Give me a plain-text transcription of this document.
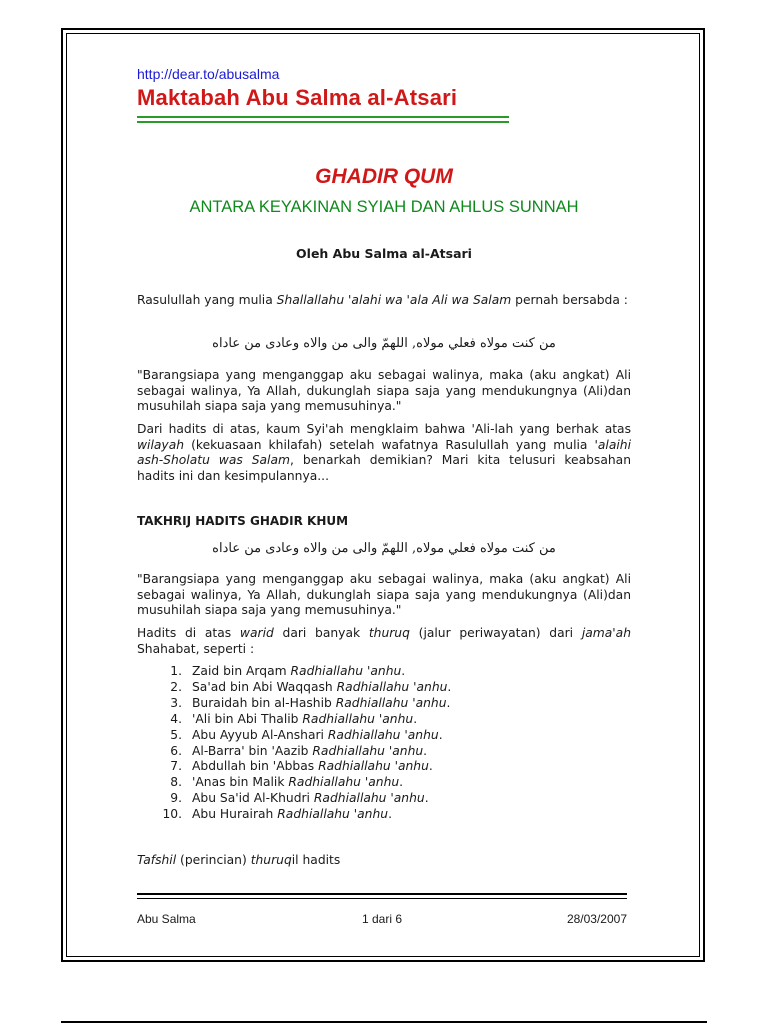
http://dear.to/abusalma
Maktabah Abu Salma al-Atsari
GHADIR QUM
ANTARA KEYAKINAN SYIAH DAN AHLUS SUNNAH
Oleh Abu Salma al-Atsari
Rasulullah yang mulia Shallallahu 'alahi wa 'ala Ali wa Salam pernah bersabda :
من كنت مولاه فعلي مولاه, اللهمّ والى من والاه وعادى من عاداه
"Barangsiapa yang menganggap aku sebagai walinya, maka (aku angkat) Ali sebagai walinya, Ya Allah, dukunglah siapa saja yang mendukungnya (Ali)dan musuhilah siapa saja yang memusuhinya."
Dari hadits di atas, kaum Syi'ah mengklaim bahwa 'Ali-lah yang berhak atas wilayah (kekuasaan khilafah) setelah wafatnya Rasulullah yang mulia 'alaihi ash-Sholatu was Salam, benarkah demikian? Mari kita telusuri keabsahan hadits ini dan kesimpulannya...
TAKHRIJ HADITS GHADIR KHUM
من كنت مولاه فعلي مولاه, اللهمّ والى من والاه وعادى من عاداه
"Barangsiapa yang menganggap aku sebagai walinya, maka (aku angkat) Ali sebagai walinya, Ya Allah, dukunglah siapa saja yang mendukungnya (Ali)dan musuhilah siapa saja yang memusuhinya."
Hadits di atas warid dari banyak thuruq (jalur periwayatan) dari jama'ah Shahabat, seperti :
1. Zaid bin Arqam Radhiallahu 'anhu.
2. Sa'ad bin Abi Waqqash Radhiallahu 'anhu.
3. Buraidah bin al-Hashib Radhiallahu 'anhu.
4. 'Ali bin Abi Thalib Radhiallahu 'anhu.
5. Abu Ayyub Al-Anshari Radhiallahu 'anhu.
6. Al-Barra' bin 'Aazib Radhiallahu 'anhu.
7. Abdullah bin 'Abbas Radhiallahu 'anhu.
8. 'Anas bin Malik Radhiallahu 'anhu.
9. Abu Sa'id Al-Khudri Radhiallahu 'anhu.
10. Abu Hurairah Radhiallahu 'anhu.
Tafshil (perincian) thuruqil hadits
Abu Salma	1 dari 6	28/03/2007
